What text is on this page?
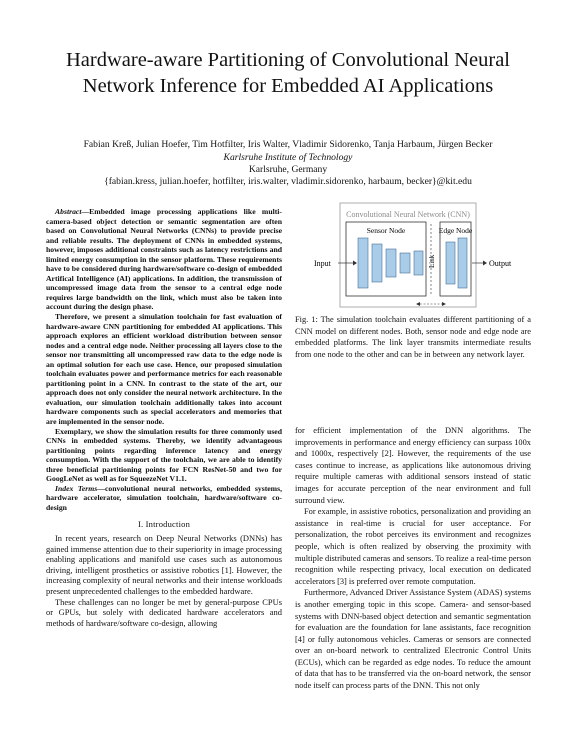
Hardware-aware Partitioning of Convolutional Neural Network Inference for Embedded AI Applications
Fabian Kreß, Julian Hoefer, Tim Hotfilter, Iris Walter, Vladimir Sidorenko, Tanja Harbaum, Jürgen Becker
Karlsruhe Institute of Technology
Karlsruhe, Germany
{fabian.kress, julian.hoefer, hotfilter, iris.walter, vladimir.sidorenko, harbaum, becker}@kit.edu

Abstract—Embedded image processing applications like multi-camera-based object detection or semantic segmentation are often based on Convolutional Neural Networks (CNNs) to provide precise and reliable results. The deployment of CNNs in embedded systems, however, imposes additional constraints such as latency restrictions and limited energy consumption in the sensor platform. These requirements have to be considered during hardware/software co-design of embedded Artifical Intelligence (AI) applications. In addition, the transmission of uncompressed image data from the sensor to a central edge node requires large bandwidth on the link, which must also be taken into account during the design phase.

Therefore, we present a simulation toolchain for fast evaluation of hardware-aware CNN partitioning for embedded AI applications. This approach explores an efficient workload distribution between sensor nodes and a central edge node. Neither processing all layers close to the sensor nor transmitting all uncompressed raw data to the edge node is an optimal solution for each use case. Hence, our proposed simulation toolchain evaluates power and performance metrics for each reasonable partitioning point in a CNN. In contrast to the state of the art, our approach does not only consider the neural network architecture. In the evaluation, our simulation toolchain additionally takes into account hardware components such as special accelerators and memories that are implemented in the sensor node.

Exemplary, we show the simulation results for three commonly used CNNs in embedded systems. Thereby, we identify advantageous partitioning points regarding inference latency and energy consumption. With the support of the toolchain, we are able to identify three beneficial partitioning points for FCN ResNet-50 and two for GoogLeNet as well as for SqueezeNet V1.1.

Index Terms—convolutional neural networks, embedded systems, hardware accelerator, simulation toolchain, hardware/software co-design

I. Introduction

In recent years, research on Deep Neural Networks (DNNs) has gained immense attention due to their superiority in image processing enabling applications and manifold use cases such as autonomous driving, intelligent prosthetics or assistive robotics [1]. However, the increasing complexity of neural networks and their intense workloads present unprecedented challenges to the embedded hardware.

These challenges can no longer be met by general-purpose CPUs or GPUs, but solely with dedicated hardware accelerators and methods of hardware/software co-design, allowing

Convolutional Neural Network (CNN)
Sensor Node	Edge Node
Link
Input	Output
Fig. 1: The simulation toolchain evaluates different partitioning of a CNN model on different nodes. Both, sensor node and edge node are embedded platforms. The link layer transmits intermediate results from one node to the other and can be in between any network layer.

for efficient implementation of the DNN algorithms. The improvements in performance and energy efficiency can surpass 100x and 1000x, respectively [2]. However, the requirements of the use cases continue to increase, as applications like autonomous driving require multiple cameras with additional sensors instead of static images for accurate perception of the near environment and full surround view.

For example, in assistive robotics, personalization and providing an assistance in real-time is crucial for user acceptance. For personalization, the robot perceives its environment and recognizes people, which is often realized by observing the proximity with multiple distributed cameras and sensors. To realize a real-time person recognition while respecting privacy, local execution on dedicated accelerators [3] is preferred over remote computation.

Furthermore, Advanced Driver Assistance System (ADAS) systems is another emerging topic in this scope. Camera- and sensor-based systems with DNN-based object detection and semantic segmentation for evaluation are the foundation for lane assistants, face recognition [4] or fully autonomous vehicles. Cameras or sensors are connected over an on-board network to centralized Electronic Control Units (ECUs), which can be regarded as edge nodes. To reduce the amount of data that has to be transferred via the on-board network, the sensor node itself can process parts of the DNN. This not only
